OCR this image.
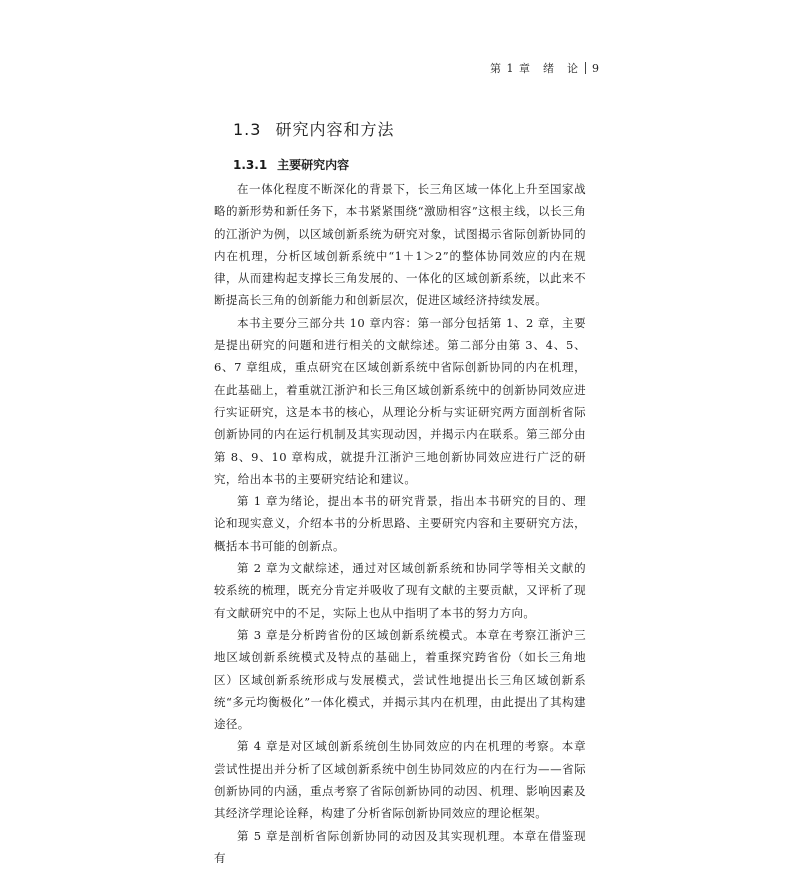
第 1 章　绪　论 9
1.3 研究内容和方法
1.3.1 主要研究内容

在一体化程度不断深化的背景下，长三角区域一体化上升至国家战略的新形势和新任务下，本书紧紧围绕“激励相容”这根主线，以长三角的江浙沪为例，以区域创新系统为研究对象，试图揭示省际创新协同的内在机理，分析区域创新系统中“1＋1＞2”的整体协同效应的内在规律，从而建构起支撑长三角发展的、一体化的区域创新系统，以此来不断提高长三角的创新能力和创新层次，促进区域经济持续发展。

本书主要分三部分共 10 章内容：第一部分包括第 1、2 章，主要是提出研究的问题和进行相关的文献综述。第二部分由第 3、4、5、6、7 章组成，重点研究在区域创新系统中省际创新协同的内在机理，在此基础上，着重就江浙沪和长三角区域创新系统中的创新协同效应进行实证研究，这是本书的核心，从理论分析与实证研究两方面剖析省际创新协同的内在运行机制及其实现动因，并揭示内在联系。第三部分由第 8、9、10 章构成，就提升江浙沪三地创新协同效应进行广泛的研究，给出本书的主要研究结论和建议。

第 1 章为绪论，提出本书的研究背景，指出本书研究的目的、理论和现实意义，介绍本书的分析思路、主要研究内容和主要研究方法，概括本书可能的创新点。

第 2 章为文献综述，通过对区域创新系统和协同学等相关文献的较系统的梳理，既充分肯定并吸收了现有文献的主要贡献，又评析了现有文献研究中的不足，实际上也从中指明了本书的努力方向。

第 3 章是分析跨省份的区域创新系统模式。本章在考察江浙沪三地区域创新系统模式及特点的基础上，着重探究跨省份（如长三角地区）区域创新系统形成与发展模式，尝试性地提出长三角区域创新系统“多元均衡极化”一体化模式，并揭示其内在机理，由此提出了其构建途径。

第 4 章是对区域创新系统创生协同效应的内在机理的考察。本章尝试性提出并分析了区域创新系统中创生协同效应的内在行为——省际创新协同的内涵，重点考察了省际创新协同的动因、机理、影响因素及其经济学理论诠释，构建了分析省际创新协同效应的理论框架。

第 5 章是剖析省际创新协同的动因及其实现机理。本章在借鉴现有
